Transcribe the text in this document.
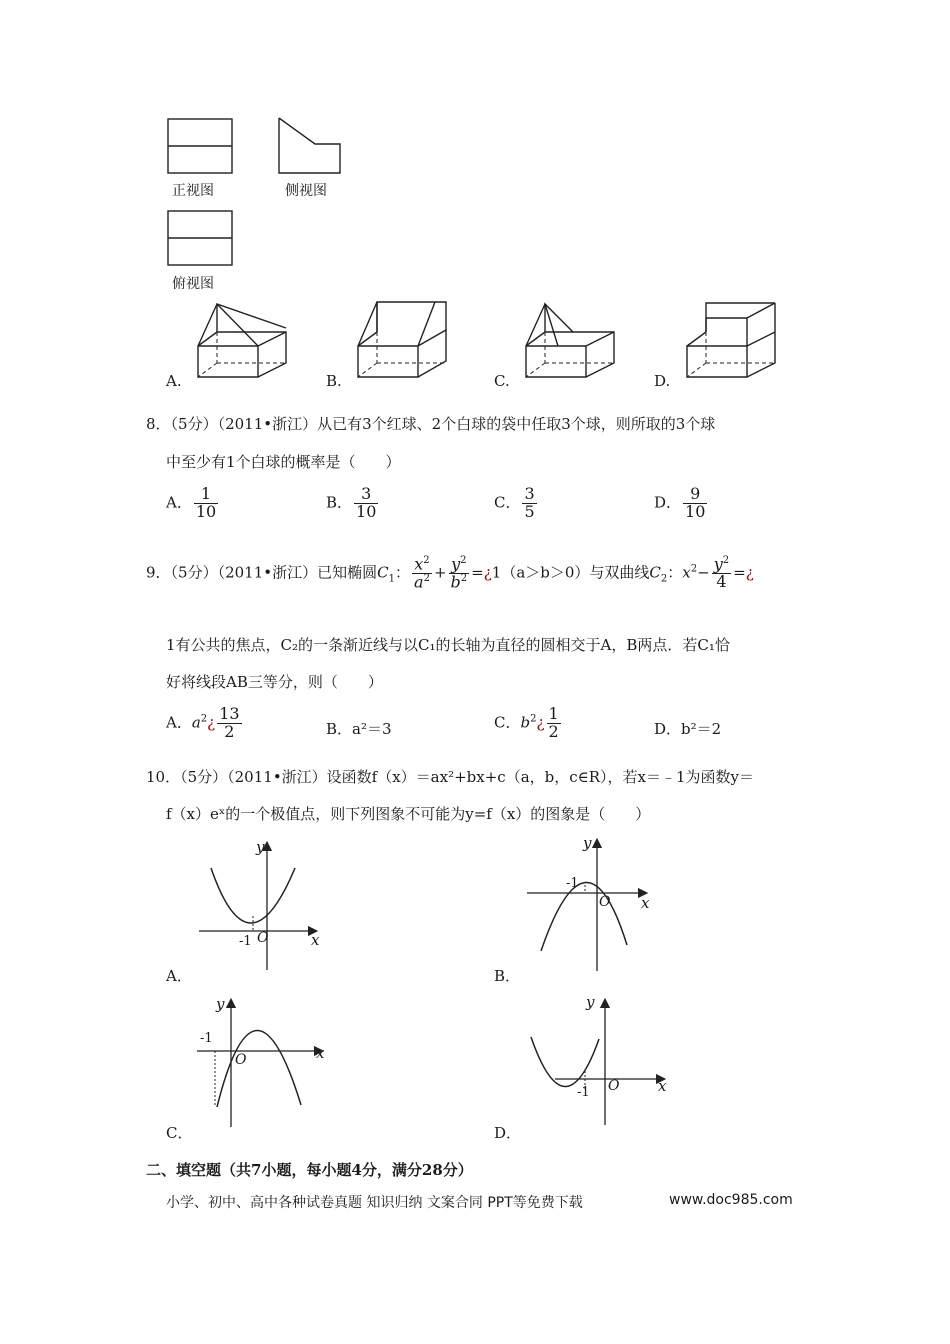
正视图	侧视图
俯视图
A.	B.	C.	D.
8．（5分）（2011•浙江）从已有3个红球、2个白球的袋中任取3个球，则所取的3个球
中至少有1个白球的概率是（　　）
A． $\frac{1}{10}$	B． $\frac{3}{10}$	C． $\frac{3}{5}$	D． $\frac{9}{10}$
9．（5分）（2011•浙江）已知椭圆$C_1$： $\frac{x^2}{a^2} + \frac{y^2}{b^2}$ =¿1（a＞b＞0）与双曲线$C_2$：$x^2- \frac{y^2}{4}$ =¿
1有公共的焦点，C₂的一条渐近线与以C₁的长轴为直径的圆相交于A，B两点．若C₁恰
好将线段AB三等分，则（　　）
A．$a^2¿ \frac{13}{2}$	B．a²＝3	C．$b^2¿ \frac{1}{2}$	D．b²＝2
10．（5分）（2011•浙江）设函数f（x）＝ax²+bx+c（a，b，c∈R），若x＝﹣1为函数y＝
f（x）eˣ的一个极值点，则下列图象不可能为y=f（x）的图象是（　　）
y
x
O
-1
A．
y
x
O
-1
B．
y
x
O
-1
C．
y
x
O
-1
D．
二、填空题（共7小题，每小题4分，满分28分）
小学、初中、高中各种试卷真题 知识归纳 文案合同 PPT等免费下载	www.doc985.com
